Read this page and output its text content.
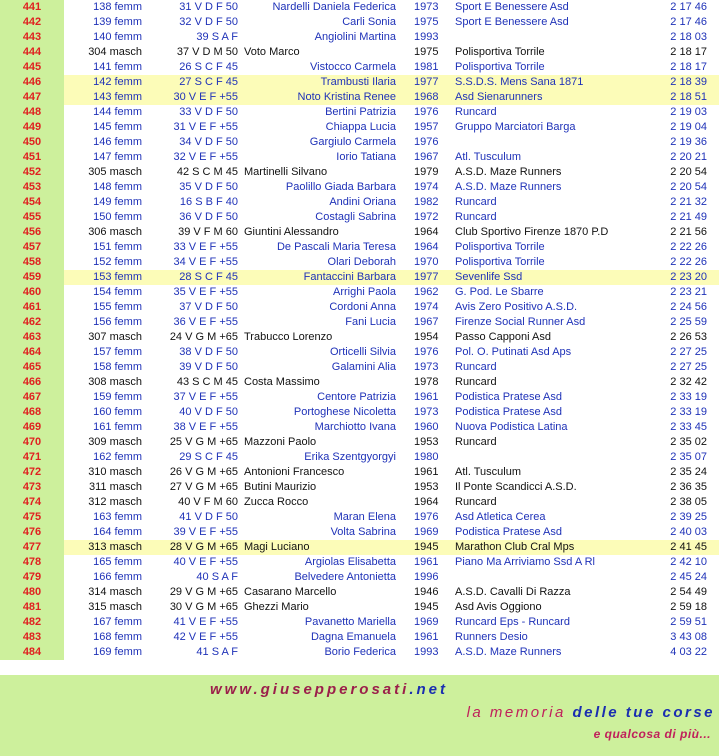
441	138 femm	31 V D F 50	Nardelli Daniela Federica 1973	Sport E Benessere Asd	2 17 46
442	139 femm	32 V D F 50	Carli Sonia 1975	Sport E Benessere Asd	2 17 46
443	140 femm	39 S A F	Angiolini Martina 1993	2 18 03
444	304 masch	37 V D M 50 Voto Marco	1975	Polisportiva Torrile	2 18 17
445	141 femm	26 S C F 45	Vistocco Carmela 1981	Polisportiva Torrile	2 18 17
446	142 femm	27 S C F 45	Trambusti Ilaria 1977	S.S.D.S. Mens Sana 1871	2 18 39
447	143 femm	30 V E F +55	Noto Kristina Renee 1968	Asd Sienarunners	2 18 51
448	144 femm	33 V D F 50	Bertini Patrizia 1976	Runcard	2 19 03
449	145 femm	31 V E F +55	Chiappa Lucia 1957	Gruppo Marciatori Barga	2 19 04
450	146 femm	34 V D F 50	Gargiulo Carmela 1976	2 19 36
451	147 femm	32 V E F +55	Iorio Tatiana 1967	Atl. Tusculum	2 20 21
452	305 masch	42 S C M 45 Martinelli Silvano	1979	A.S.D. Maze Runners	2 20 54
453	148 femm	35 V D F 50	Paolillo Giada Barbara 1974	A.S.D. Maze Runners	2 20 54
454	149 femm	16 S B F 40	Andini Oriana 1982	Runcard	2 21 32
455	150 femm	36 V D F 50	Costagli Sabrina 1972	Runcard	2 21 49
456	306 masch	39 V F M 60 Giuntini Alessandro	1964	Club Sportivo Firenze 1870 P.D	2 21 56
457	151 femm	33 V E F +55	De Pascali Maria Teresa 1964	Polisportiva Torrile	2 22 26
458	152 femm	34 V E F +55	Olari Deborah 1970	Polisportiva Torrile	2 22 26
459	153 femm	28 S C F 45	Fantaccini Barbara 1977	Sevenlife Ssd	2 23 20
460	154 femm	35 V E F +55	Arrighi Paola 1962	G. Pod. Le Sbarre	2 23 21
461	155 femm	37 V D F 50	Cordoni Anna 1974	Avis Zero Positivo A.S.D.	2 24 56
462	156 femm	36 V E F +55	Fani Lucia 1967	Firenze Social Runner Asd	2 25 59
463	307 masch	24 V G M +65 Trabucco Lorenzo	1954	Passo Capponi Asd	2 26 53
464	157 femm	38 V D F 50	Orticelli Silvia 1976	Pol. O. Putinati Asd Aps	2 27 25
465	158 femm	39 V D F 50	Galamini Alia 1973	Runcard	2 27 25
466	308 masch	43 S C M 45 Costa Massimo	1978	Runcard	2 32 42
467	159 femm	37 V E F +55	Centore Patrizia 1961	Podistica Pratese Asd	2 33 19
468	160 femm	40 V D F 50	Portoghese Nicoletta 1973	Podistica Pratese Asd	2 33 19
469	161 femm	38 V E F +55	Marchiotto Ivana 1960	Nuova Podistica Latina	2 33 45
470	309 masch	25 V G M +65 Mazzoni Paolo	1953	Runcard	2 35 02
471	162 femm	29 S C F 45	Erika Szentgyorgyi 1980	2 35 07
472	310 masch	26 V G M +65 Antonioni Francesco	1961	Atl. Tusculum	2 35 24
473	311 masch	27 V G M +65 Butini Maurizio	1953	Il Ponte Scandicci A.S.D.	2 36 35
474	312 masch	40 V F M 60 Zucca Rocco	1964	Runcard	2 38 05
475	163 femm	41 V D F 50	Maran Elena 1976	Asd Atletica Cerea	2 39 25
476	164 femm	39 V E F +55	Volta Sabrina 1969	Podistica Pratese Asd	2 40 03
477	313 masch	28 V G M +65 Magi Luciano	1945	Marathon Club Cral Mps	2 41 45
478	165 femm	40 V E F +55	Argiolas Elisabetta 1961	Piano Ma Arriviamo Ssd A Rl	2 42 10
479	166 femm	40 S A F	Belvedere Antonietta 1996	2 45 24
480	314 masch	29 V G M +65 Casarano Marcello	1946	A.S.D. Cavalli Di Razza	2 54 49
481	315 masch	30 V G M +65 Ghezzi Mario	1945	Asd Avis Oggiono	2 59 18
482	167 femm	41 V E F +55	Pavanetto Mariella 1969	Runcard Eps - Runcard	2 59 51
483	168 femm	42 V E F +55	Dagna Emanuela 1961	Runners Desio	3 43 08
484	169 femm	41 S A F	Borio Federica 1993	A.S.D. Maze Runners	4 03 22
www.giusepperosati.net
la memoria delle tue corse
e qualcosa di più...
